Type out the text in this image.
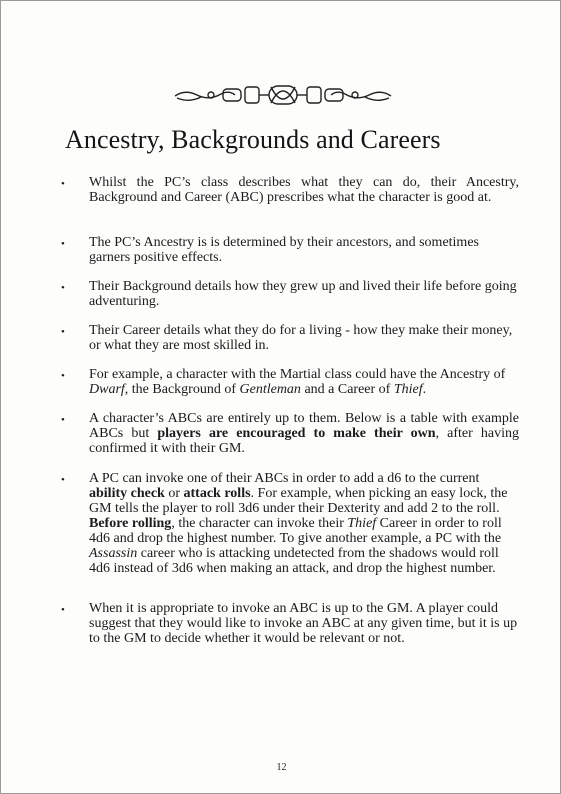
Ancestry, Backgrounds and Careers
• Whilst the PC’s class describes what they can do, their Ancestry, Background and Career (ABC) prescribes what the character is good at.
• The PC’s Ancestry is is determined by their ancestors, and sometimes garners positive effects.
• Their Background details how they grew up and lived their life before going adventuring.
• Their Career details what they do for a living - how they make their money, or what they are most skilled in.
• For example, a character with the Martial class could have the Ancestry of Dwarf, the Background of Gentleman and a Career of Thief.
• A character’s ABCs are entirely up to them. Below is a table with example ABCs but players are encouraged to make their own, after having confirmed it with their GM.
• A PC can invoke one of their ABCs in order to add a d6 to the current ability check or attack rolls. For example, when picking an easy lock, the GM tells the player to roll 3d6 under their Dexterity and add 2 to the roll. Before rolling, the character can invoke their Thief Career in order to roll 4d6 and drop the highest number. To give another example, a PC with the Assassin career who is attacking undetected from the shadows would roll 4d6 instead of 3d6 when making an attack, and drop the highest number.
• When it is appropriate to invoke an ABC is up to the GM. A player could suggest that they would like to invoke an ABC at any given time, but it is up to the GM to decide whether it would be relevant or not.
12
